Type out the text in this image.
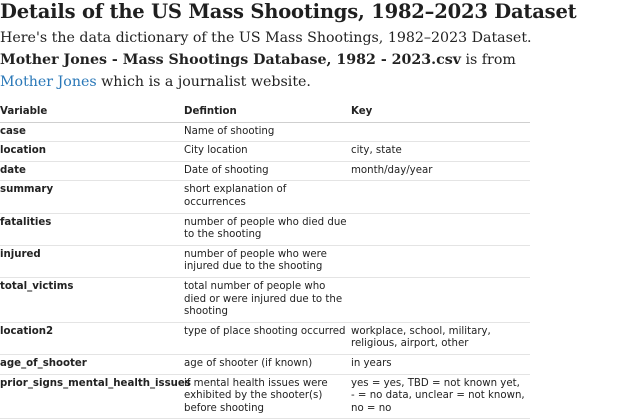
Details of the US Mass Shootings, 1982–2023 Dataset

Here's the data dictionary of the US Mass Shootings, 1982–2023 Dataset. Mother Jones - Mass Shootings Database, 1982 - 2023.csv is from Mother Jones which is a journalist website.

Variable	Defintion	Key
case	Name of shooting	
location	City location	city, state
date	Date of shooting	month/day/year
summary	short explanation of occurrences	
fatalities	number of people who died due to the shooting	
injured	number of people who were injured due to the shooting	
total_victims	total number of people who died or were injured due to the shooting	
location2	type of place shooting occurred	workplace, school, military, religious, airport, other
age_of_shooter	age of shooter (if known)	in years
prior_signs_mental_health_issues	if mental health issues were exhibited by the shooter(s) before shooting	yes = yes, TBD = not known yet, - = no data, unclear = not known, no = no
